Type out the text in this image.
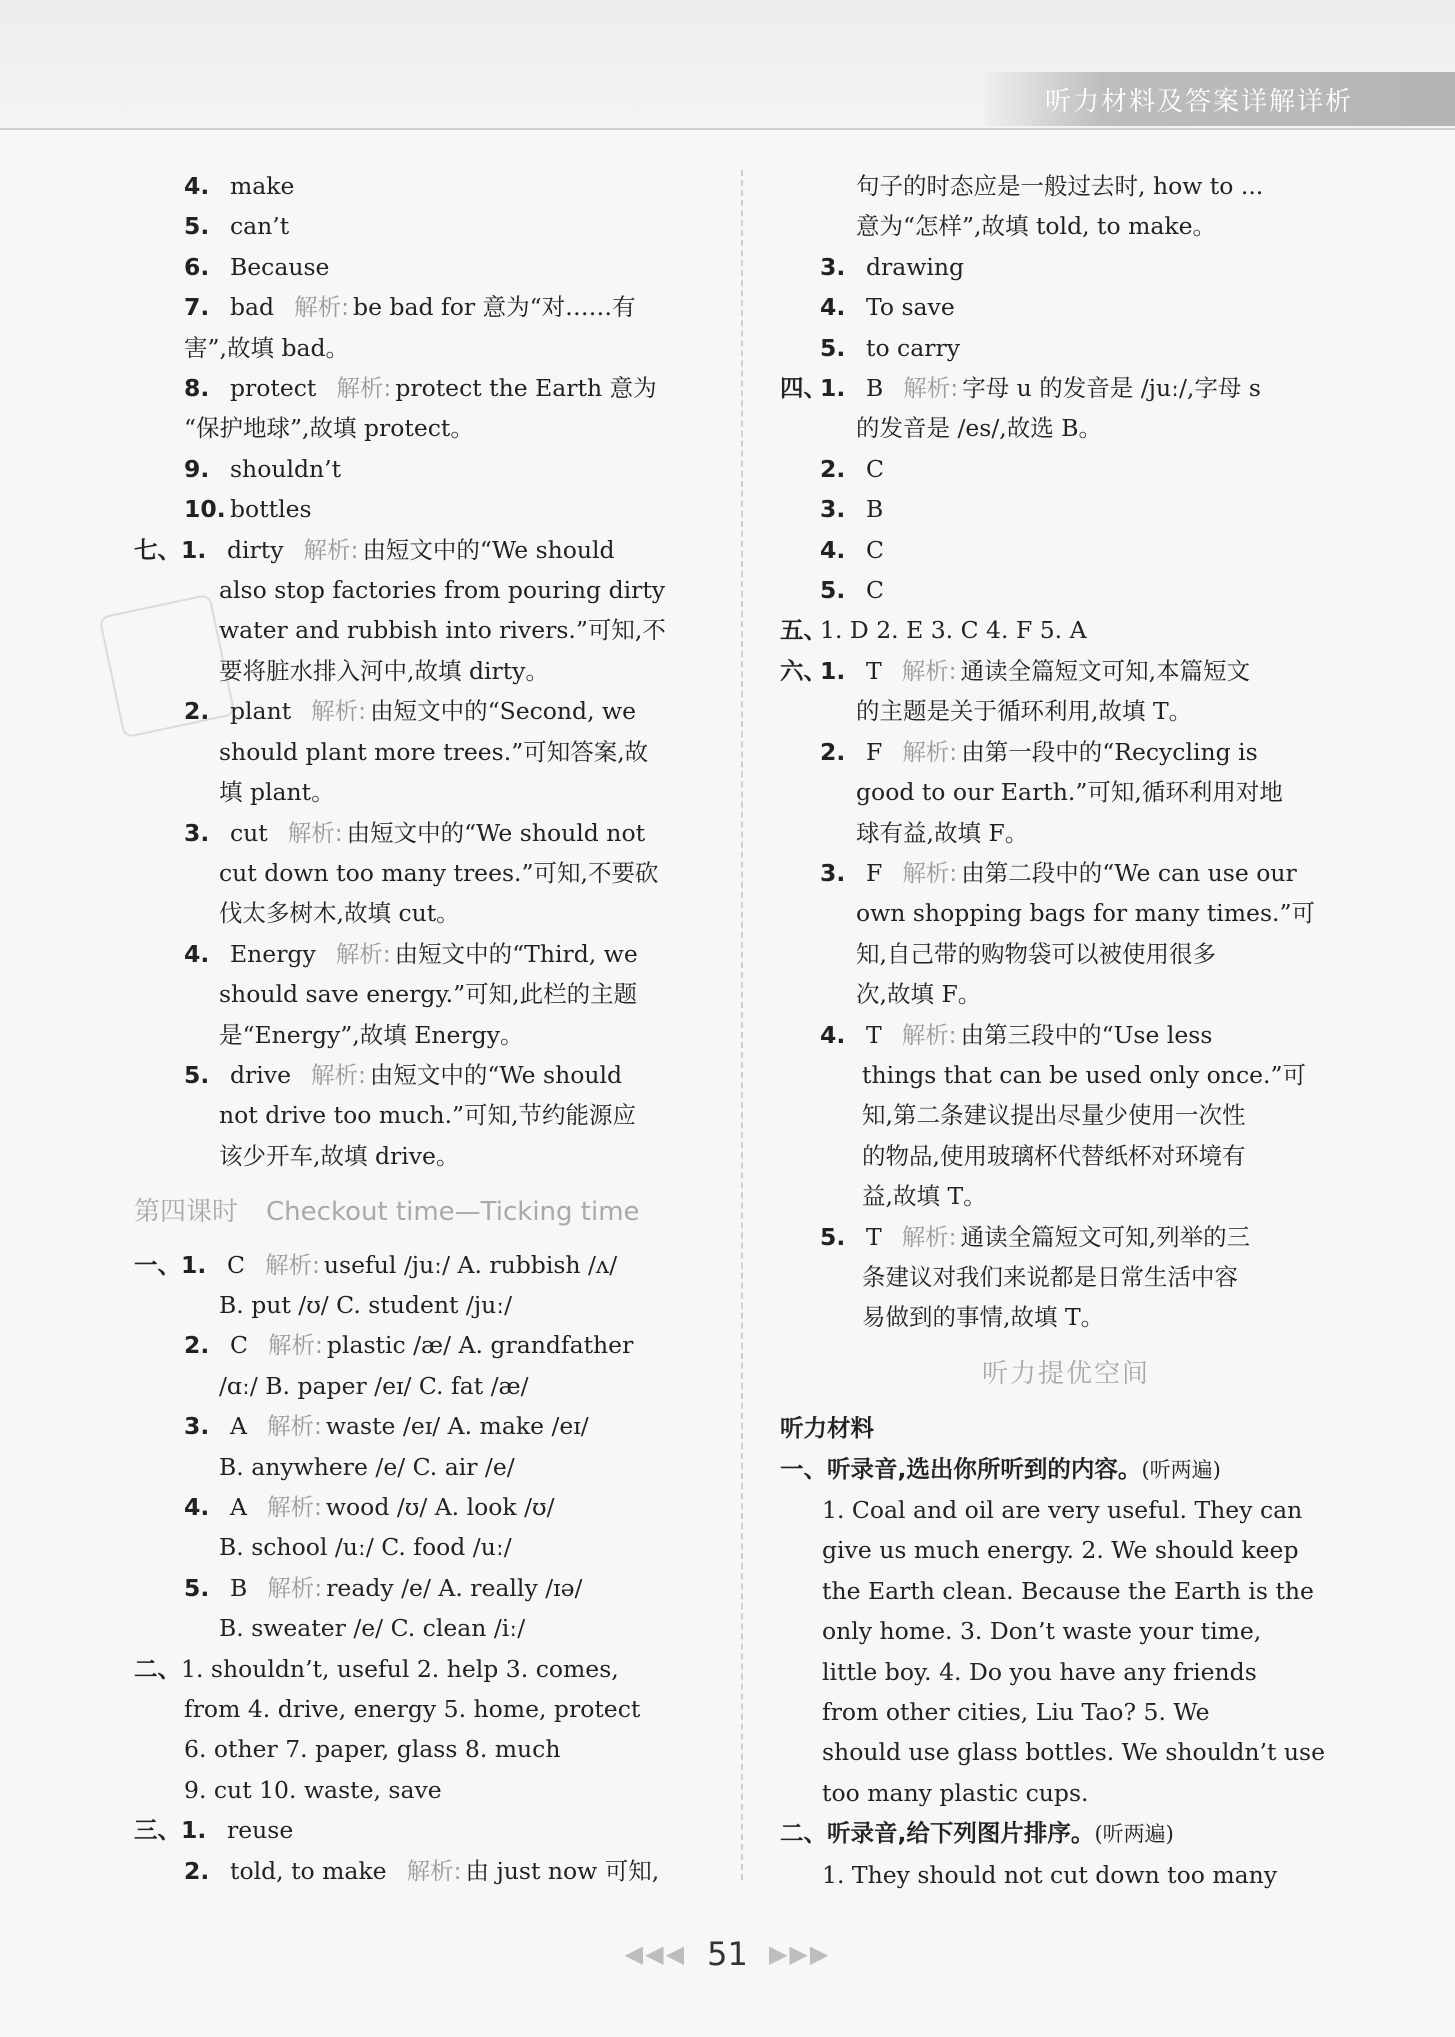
听力材料及答案详解详析
4. make
5. can’t
6. Because
7. bad 解析: be bad for 意为“对……有
害”,故填 bad。
8. protect 解析: protect the Earth 意为
“保护地球”,故填 protect。
9. shouldn’t
10. bottles
七、1. dirty 解析: 由短文中的“We should
also stop factories from pouring dirty
water and rubbish into rivers.”可知,不
要将脏水排入河中,故填 dirty。
2. plant 解析: 由短文中的“Second, we
should plant more trees.”可知答案,故
填 plant。
3. cut 解析: 由短文中的“We should not
cut down too many trees.”可知,不要砍
伐太多树木,故填 cut。
4. Energy 解析: 由短文中的“Third, we
should save energy.”可知,此栏的主题
是“Energy”,故填 Energy。
5. drive 解析: 由短文中的“We should
not drive too much.”可知,节约能源应
该少开车,故填 drive。
第四课时 Checkout time—Ticking time
一、1. C 解析: useful /juː/ A. rubbish /ʌ/
B. put /ʊ/ C. student /juː/
2. C 解析: plastic /æ/ A. grandfather
/ɑː/ B. paper /eɪ/ C. fat /æ/
3. A 解析: waste /eɪ/ A. make /eɪ/
B. anywhere /e/ C. air /e/
4. A 解析: wood /ʊ/ A. look /ʊ/
B. school /uː/ C. food /uː/
5. B 解析: ready /e/ A. really /ɪə/
B. sweater /e/ C. clean /iː/
二、1. shouldn’t, useful 2. help 3. comes,
from 4. drive, energy 5. home, protect
6. other 7. paper, glass 8. much
9. cut 10. waste, save
三、1. reuse
2. told, to make 解析: 由 just now 可知,
句子的时态应是一般过去时, how to ...
意为“怎样”,故填 told, to make。
3. drawing
4. To save
5. to carry
四、1. B 解析: 字母 u 的发音是 /juː/,字母 s
的发音是 /es/,故选 B。
2. C
3. B
4. C
5. C
五、1. D 2. E 3. C 4. F 5. A
六、1. T 解析: 通读全篇短文可知,本篇短文
的主题是关于循环利用,故填 T。
2. F 解析: 由第一段中的“Recycling is
good to our Earth.”可知,循环利用对地
球有益,故填 F。
3. F 解析: 由第二段中的“We can use our
own shopping bags for many times.”可
知,自己带的购物袋可以被使用很多
次,故填 F。
4. T 解析: 由第三段中的“Use less
things that can be used only once.”可
知,第二条建议提出尽量少使用一次性
的物品,使用玻璃杯代替纸杯对环境有
益,故填 T。
5. T 解析: 通读全篇短文可知,列举的三
条建议对我们来说都是日常生活中容
易做到的事情,故填 T。
听力提优空间
听力材料
一、听录音,选出你所听到的内容。(听两遍)
1. Coal and oil are very useful. They can
give us much energy. 2. We should keep
the Earth clean. Because the Earth is the
only home. 3. Don’t waste your time,
little boy. 4. Do you have any friends
from other cities, Liu Tao? 5. We
should use glass bottles. We shouldn’t use
too many plastic cups.
二、听录音,给下列图片排序。(听两遍)
1. They should not cut down too many
◀◀◀ 51 ▶▶▶
